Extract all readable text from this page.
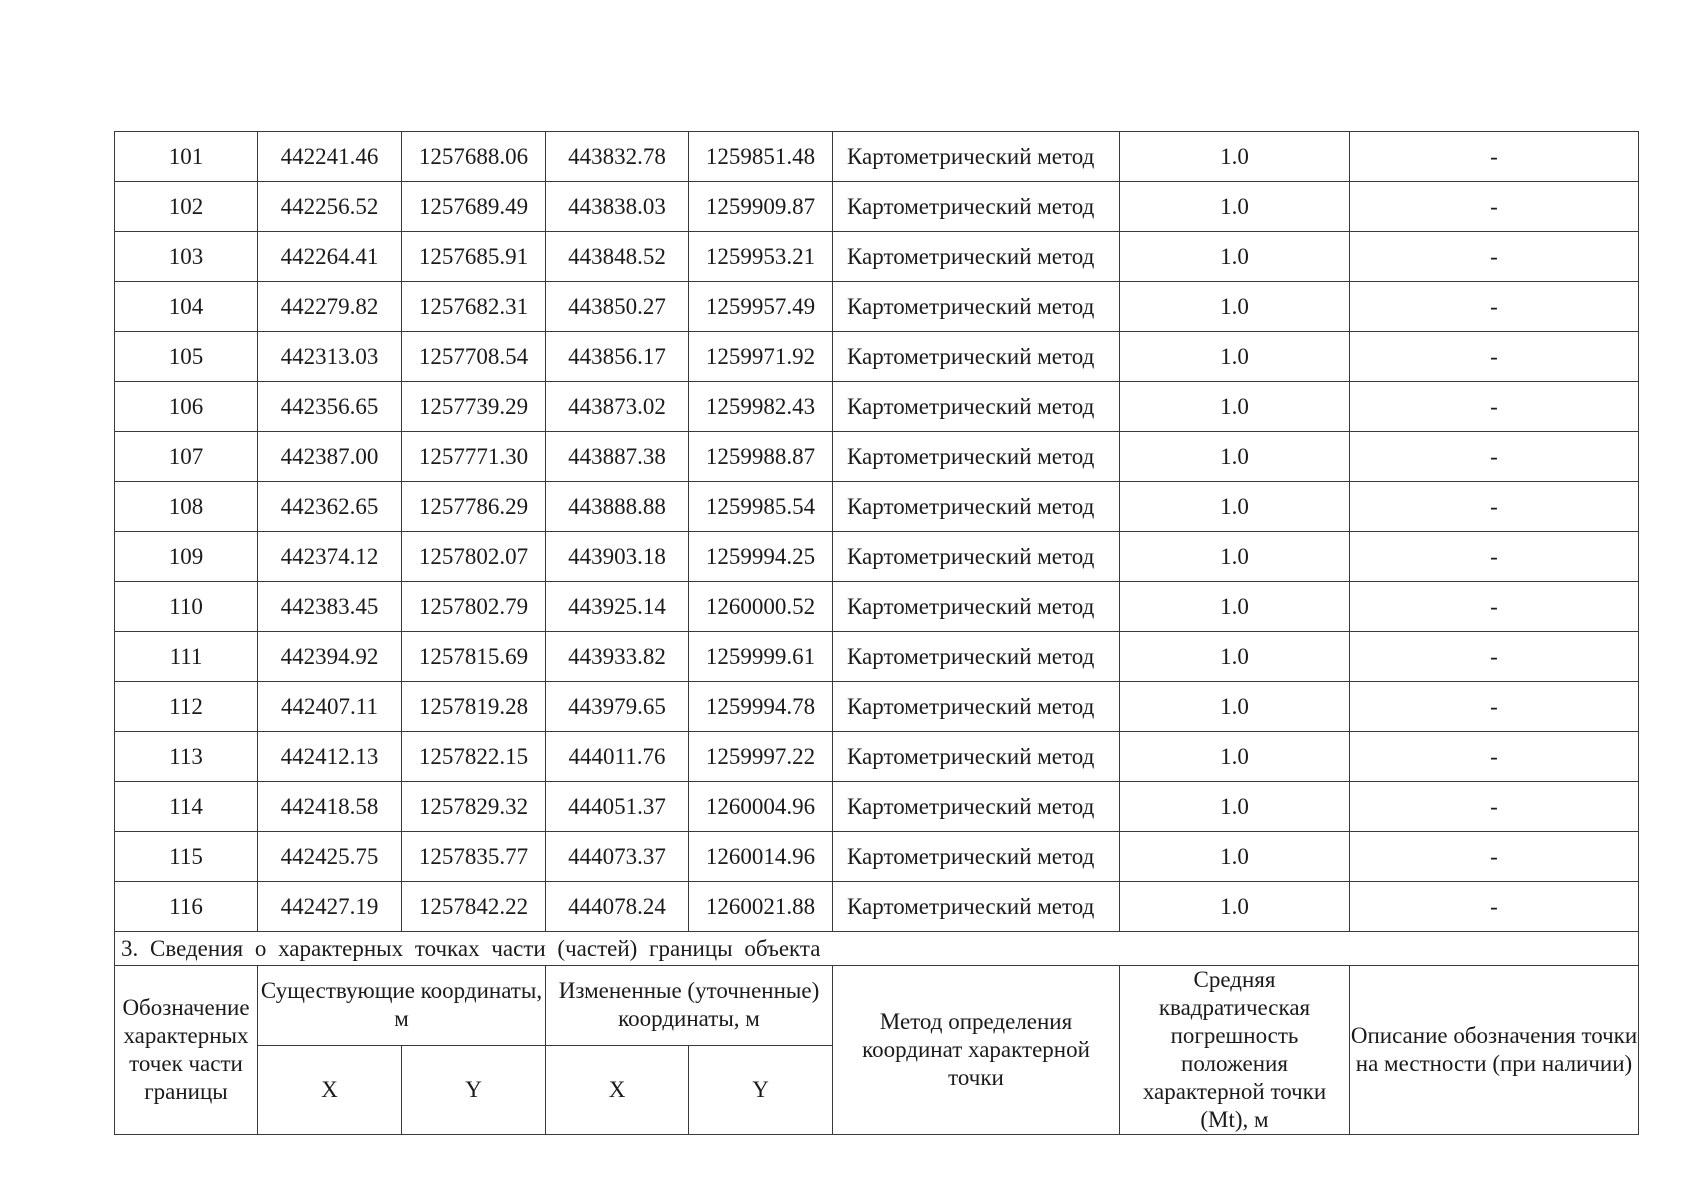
101	442241.46	1257688.06	443832.78	1259851.48	Картометрический метод	1.0	-
102	442256.52	1257689.49	443838.03	1259909.87	Картометрический метод	1.0	-
103	442264.41	1257685.91	443848.52	1259953.21	Картометрический метод	1.0	-
104	442279.82	1257682.31	443850.27	1259957.49	Картометрический метод	1.0	-
105	442313.03	1257708.54	443856.17	1259971.92	Картометрический метод	1.0	-
106	442356.65	1257739.29	443873.02	1259982.43	Картометрический метод	1.0	-
107	442387.00	1257771.30	443887.38	1259988.87	Картометрический метод	1.0	-
108	442362.65	1257786.29	443888.88	1259985.54	Картометрический метод	1.0	-
109	442374.12	1257802.07	443903.18	1259994.25	Картометрический метод	1.0	-
110	442383.45	1257802.79	443925.14	1260000.52	Картометрический метод	1.0	-
111	442394.92	1257815.69	443933.82	1259999.61	Картометрический метод	1.0	-
112	442407.11	1257819.28	443979.65	1259994.78	Картометрический метод	1.0	-
113	442412.13	1257822.15	444011.76	1259997.22	Картометрический метод	1.0	-
114	442418.58	1257829.32	444051.37	1260004.96	Картометрический метод	1.0	-
115	442425.75	1257835.77	444073.37	1260014.96	Картометрический метод	1.0	-
116	442427.19	1257842.22	444078.24	1260021.88	Картометрический метод	1.0	-
3. Сведения о характерных точках части (частей) границы объекта							
Обозначение характерных точек части границы	Существующие координаты, м		Измененные (уточненные) координаты, м		Метод определения координат характерной точки	Средняя квадратическая погрешность положения характерной точки (Mt), м	Описание обозначения точки на местности (при наличии)
	X	Y	X	Y			
